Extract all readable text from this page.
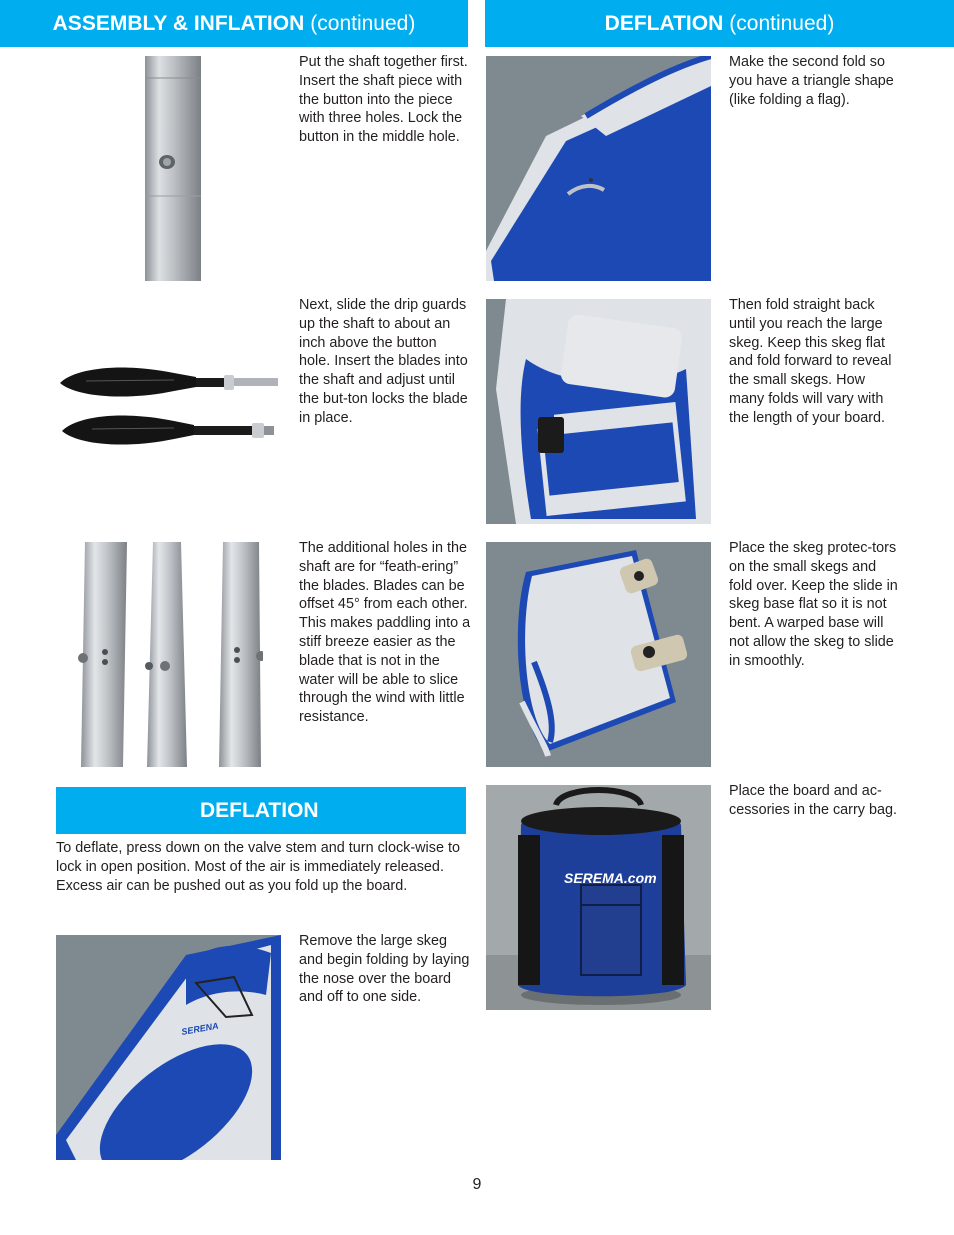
ASSEMBLY & INFLATION (continued)	DEFLATION (continued)

Put the shaft together first. Insert the shaft piece with the button into the piece with three holes. Lock the button in the middle hole.

Next, slide the drip guards up the shaft to about an inch above the button hole. Insert the blades into the shaft and adjust until the but-ton locks the blade in place.

The additional holes in the shaft are for “feath-ering” the blades. Blades can be offset 45° from each other. This makes paddling into a stiff breeze easier as the blade that is not in the water will be able to slice through the wind with little resistance.

DEFLATION

To deflate, press down on the valve stem and turn clock-wise to lock in open position. Most of the air is immediately released. Excess air can be pushed out as you fold up the board.

SERENA

Remove the large skeg and begin folding by laying the nose over the board and off to one side.

Make the second fold so you have a triangle shape (like folding a flag).

Then fold straight back until you reach the large skeg. Keep this skeg flat and fold forward to reveal the small skegs. How many folds will vary with the length of your board.

Place the skeg protec-tors on the small skegs and fold over. Keep the slide in skeg base flat so it is not bent. A warped base will not allow the skeg to slide in smoothly.

SEREMA.com

Place the board and ac-cessories in the carry bag.

9
